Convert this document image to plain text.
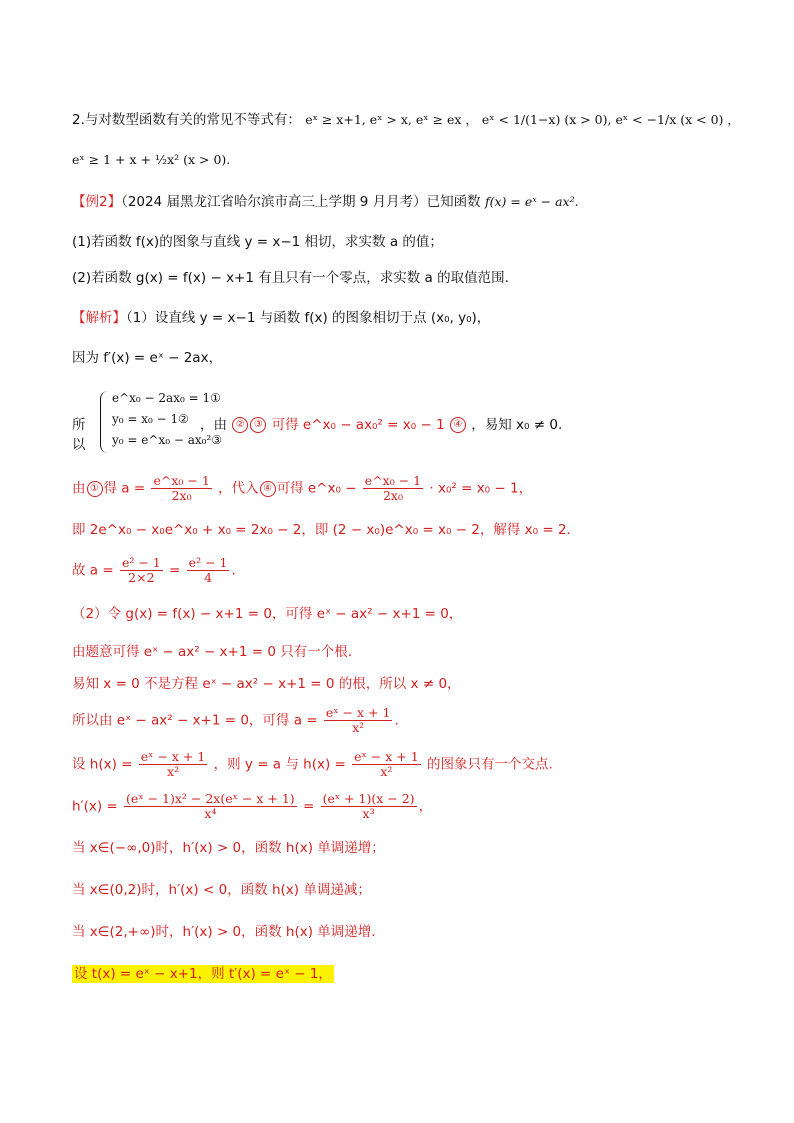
2.与对数型函数有关的常见不等式有： eˣ ≥ x+1, eˣ > x, eˣ ≥ ex ， eˣ < 1/(1−x) (x > 0), eˣ < −1/x (x < 0) ，
eˣ ≥ 1 + x + ½x² (x > 0).
【例2】（2024 届黑龙江省哈尔滨市高三上学期 9 月月考）已知函数 f(x) = eˣ − ax².
(1)若函数 f(x)的图象与直线 y = x−1 相切，求实数 a 的值；
(2)若函数 g(x) = f(x) − x+1 有且只有一个零点，求实数 a 的取值范围.
【解析】（1）设直线 y = x−1 与函数 f(x) 的图象相切于点 (x₀, y₀)，
因为 f′(x) = eˣ − 2ax，
所以
e^x₀ − 2ax₀ = 1①
y₀ = x₀ − 1②
y₀ = e^x₀ − ax₀²③
，由 ② ③ 可得 e^x₀ − ax₀² = x₀ − 1 ④ ，易知 x₀ ≠ 0.
由 ① 得 $a = \frac{\text{e\textasciicircum{}x₀ − 1}}{\text{2x₀}}$ ，代入 ④ 可得 e^x₀ − $\frac{\text{e\textasciicircum{}x₀ − 1}}{\text{2x₀}} \cdot x_0^2 = x_0 - 1$，
即 2e^x₀ − x₀e^x₀ + x₀ = 2x₀ − 2，即 (2 − x₀)e^x₀ = x₀ − 2，解得 x₀ = 2.
故 $a = \frac{\text{e² − 1}}{2\times 2} = \frac{\text{e² − 1}}{4}$ .
（2）令 g(x) = f(x) − x+1 = 0，可得 eˣ − ax² − x+1 = 0，
由题意可得 eˣ − ax² − x+1 = 0 只有一个根.
易知 x = 0 不是方程 eˣ − ax² − x+1 = 0 的根，所以 x ≠ 0，
所以由 eˣ − ax² − x+1 = 0，可得 $a = \frac{\text{eˣ − x + 1}}{\text{x²}}$ .
设 $h(x) = \frac{\text{eˣ − x + 1}}{\text{x²}}$ ，则 y = a 与 $h(x) = \frac{\text{eˣ − x + 1}}{\text{x²}}$ 的图象只有一个交点.
$h'(x) = \frac{\text{(eˣ − 1)x² − 2x(eˣ − x + 1)}}{\text{x⁴}} = \frac{\text{(eˣ + 1)(x − 2)}}{\text{x³}}$ ，
当 x∈(−∞,0)时，h′(x) > 0，函数 h(x) 单调递增；
当 x∈(0,2)时，h′(x) < 0，函数 h(x) 单调递减；
当 x∈(2,+∞)时，h′(x) > 0，函数 h(x) 单调递增.
设 t(x) = eˣ − x+1，则 t′(x) = eˣ − 1，
